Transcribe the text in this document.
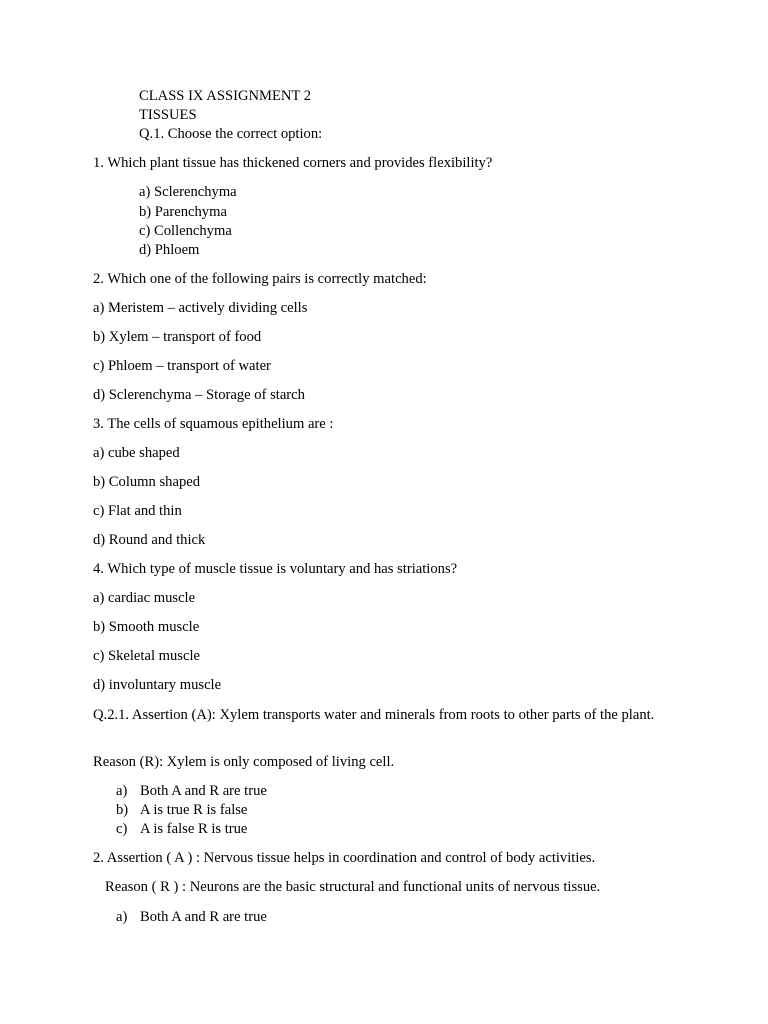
CLASS IX ASSIGNMENT 2
TISSUES
Q.1. Choose the correct option:
1. Which plant tissue has thickened corners and provides flexibility?
a) Sclerenchyma
b) Parenchyma
c) Collenchyma
d) Phloem
2. Which one of the following pairs is correctly matched:
a) Meristem – actively dividing cells
b) Xylem – transport of food
c) Phloem – transport of water
d) Sclerenchyma – Storage of starch
3. The cells of squamous epithelium are :
a) cube shaped
b) Column shaped
c) Flat and thin
d) Round and thick
4. Which type of muscle tissue is voluntary and has striations?
a) cardiac muscle
b) Smooth muscle
c) Skeletal muscle
d) involuntary muscle
Q.2.1. Assertion (A): Xylem transports water and minerals from roots to other parts of the plant.
Reason (R): Xylem is only composed of living cell.
a) Both A and R are true
b) A is true R is false
c) A is false R is true
2. Assertion ( A ) : Nervous tissue helps in coordination and control of body activities.
Reason ( R ) : Neurons are the basic structural and functional units of nervous tissue.
a) Both A and R are true
